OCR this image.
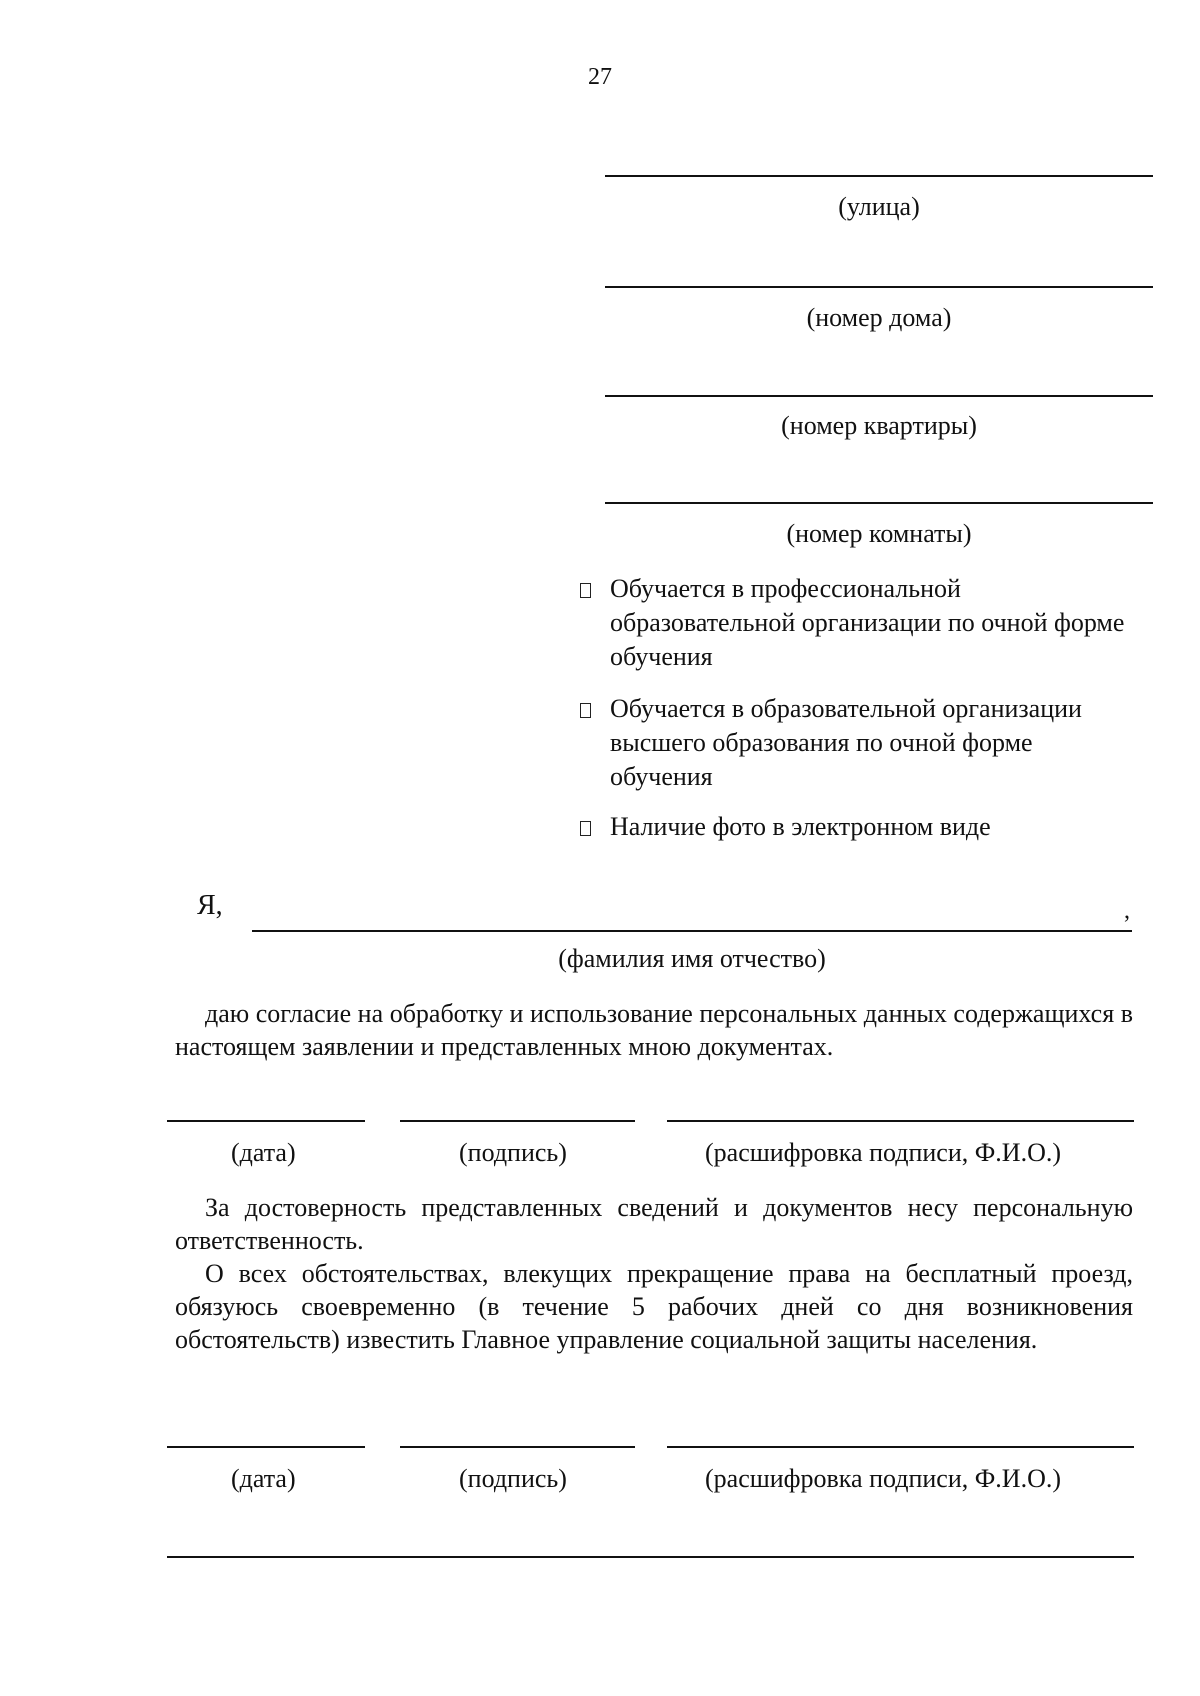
27
(улица)
(номер дома)
(номер квартиры)
(номер комнаты)
Обучается в профессиональной образовательной организации по очной форме обучения
Обучается в образовательной организации высшего образования по очной форме обучения
Наличие фото в электронном виде
Я,	,
(фамилия имя отчество)
даю согласие на обработку и использование персональных данных содержащихся в настоящем заявлении и представленных мною документах.
(дата)	(подпись)	(расшифровка подписи, Ф.И.О.)
За достоверность представленных сведений и документов несу персональную ответственность.
О всех обстоятельствах, влекущих прекращение права на бесплатный проезд, обязуюсь своевременно (в течение 5 рабочих дней со дня возникновения обстоятельств) известить Главное управление социальной защиты населения.
(дата)	(подпись)	(расшифровка подписи, Ф.И.О.)
